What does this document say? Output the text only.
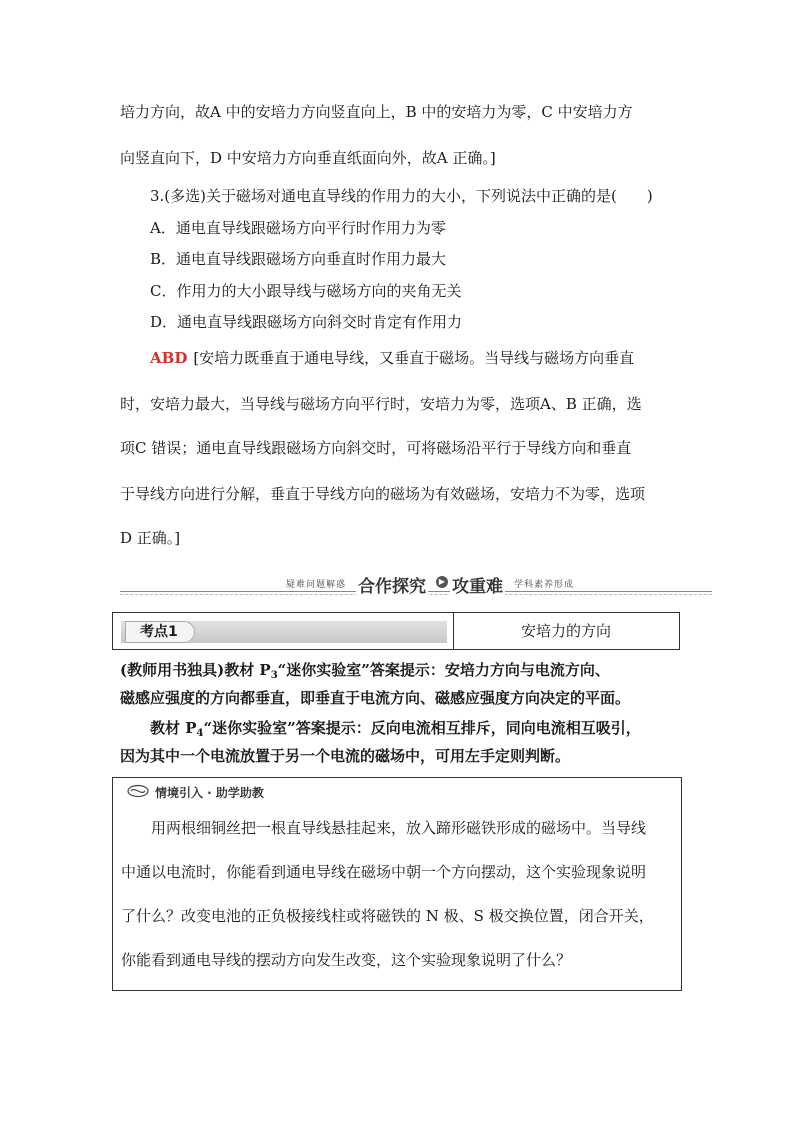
培力方向，故A 中的安培力方向竖直向上，B 中的安培力为零，C 中安培力方
向竖直向下，D 中安培力方向垂直纸面向外，故A 正确。]
3.(多选)关于磁场对通电直导线的作用力的大小，下列说法中正确的是(　　)
A．通电直导线跟磁场方向平行时作用力为零
B．通电直导线跟磁场方向垂直时作用力最大
C．作用力的大小跟导线与磁场方向的夹角无关
D．通电直导线跟磁场方向斜交时肯定有作用力
ABD [安培力既垂直于通电导线，又垂直于磁场。当导线与磁场方向垂直
时，安培力最大，当导线与磁场方向平行时，安培力为零，选项A、B 正确，选
项C 错误；通电直导线跟磁场方向斜交时，可将磁场沿平行于导线方向和垂直
于导线方向进行分解，垂直于导线方向的磁场为有效磁场，安培力不为零，选项
D 正确。]
疑难问题解惑 合作探究	▶ 攻重难 学科素养形成
考点1	安培力的方向
(教师用书独具)教材 $P_3“$迷你实验室”答案提示：安培力方向与电流方向、
磁感应强度的方向都垂直，即垂直于电流方向、磁感应强度方向决定的平面。
教材 $P_4“$迷你实验室”答案提示：反向电流相互排斥，同向电流相互吸引，
因为其中一个电流放置于另一个电流的磁场中，可用左手定则判断。
情境引入 · 助学助教
用两根细铜丝把一根直导线悬挂起来，放入蹄形磁铁形成的磁场中。当导线
中通以电流时，你能看到通电导线在磁场中朝一个方向摆动，这个实验现象说明
了什么？改变电池的正负极接线柱或将磁铁的 N 极、S 极交换位置，闭合开关，
你能看到通电导线的摆动方向发生改变，这个实验现象说明了什么？
